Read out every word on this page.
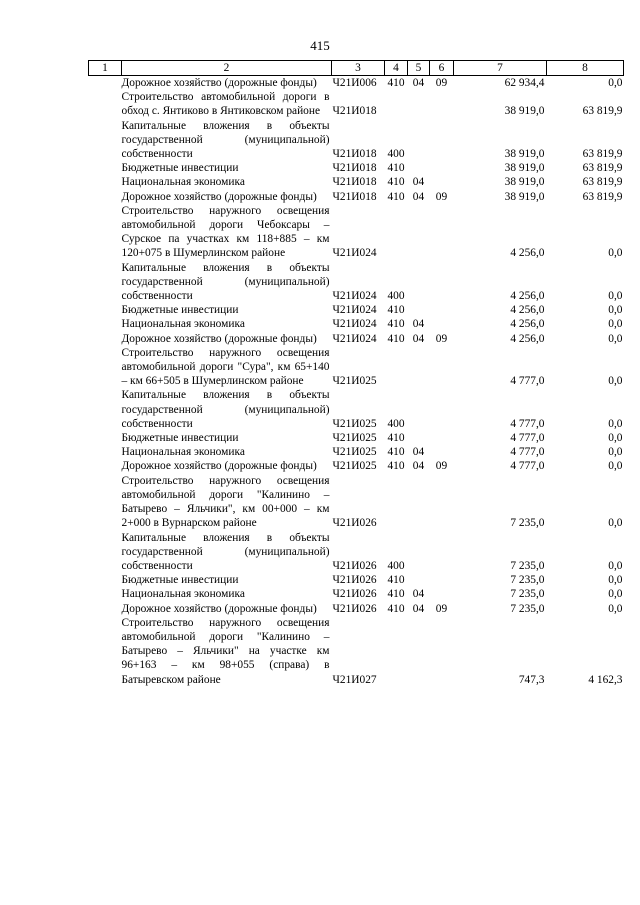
415
1	2	3	4	5	6	7	8
	Дорожное хозяйство (дорожные фонды)	Ч21И006	410	04	09	62 934,4	0,0
	Строительство автомобильной дороги в обход с. Янтиково в Янтиковском районе	Ч21И018				38 919,0	63 819,9
	Капитальные вложения в объекты государственной (муниципальной) собственности	Ч21И018	400			38 919,0	63 819,9
	Бюджетные инвестиции	Ч21И018	410			38 919,0	63 819,9
	Национальная экономика	Ч21И018	410	04		38 919,0	63 819,9
	Дорожное хозяйство (дорожные фонды)	Ч21И018	410	04	09	38 919,0	63 819,9
	Строительство наружного освещения автомобильной дороги Чебоксары – Сурское па участках км 118+885 – км 120+075 в Шумерлинском районе	Ч21И024				4 256,0	0,0
	Капитальные вложения в объекты государственной (муниципальной) собственности	Ч21И024	400			4 256,0	0,0
	Бюджетные инвестиции	Ч21И024	410			4 256,0	0,0
	Национальная экономика	Ч21И024	410	04		4 256,0	0,0
	Дорожное хозяйство (дорожные фонды)	Ч21И024	410	04	09	4 256,0	0,0
	Строительство наружного освещения автомобильной дороги "Сура", км 65+140 – км 66+505 в Шумерлинском районе	Ч21И025				4 777,0	0,0
	Капитальные вложения в объекты государственной (муниципальной) собственности	Ч21И025	400			4 777,0	0,0
	Бюджетные инвестиции	Ч21И025	410			4 777,0	0,0
	Национальная экономика	Ч21И025	410	04		4 777,0	0,0
	Дорожное хозяйство (дорожные фонды)	Ч21И025	410	04	09	4 777,0	0,0
	Строительство наружного освещения автомобильной дороги "Калинино – Батырево – Яльчики", км 00+000 – км 2+000 в Вурнарском районе	Ч21И026				7 235,0	0,0
	Капитальные вложения в объекты государственной (муниципальной) собственности	Ч21И026	400			7 235,0	0,0
	Бюджетные инвестиции	Ч21И026	410			7 235,0	0,0
	Национальная экономика	Ч21И026	410	04		7 235,0	0,0
	Дорожное хозяйство (дорожные фонды)	Ч21И026	410	04	09	7 235,0	0,0
	Строительство наружного освещения автомобильной дороги "Калинино – Батырево – Яльчики" на участке км 96+163 – км 98+055 (справа) в Батыревском районе	Ч21И027				747,3	4 162,3
